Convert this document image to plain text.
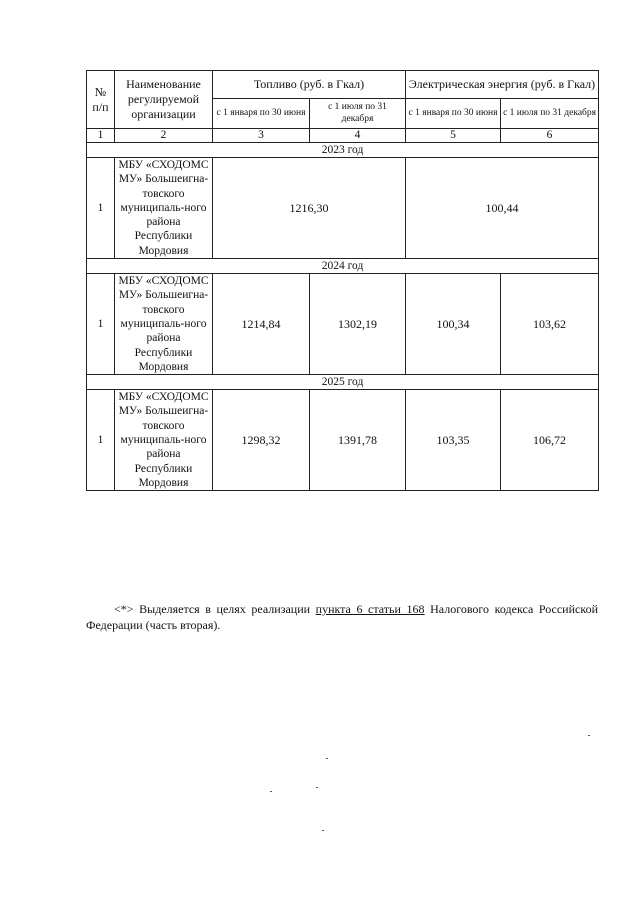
№ п/п	Наименование регулируемой организации	Топливо (руб. в Гкал)		Электрическая энергия (руб. в Гкал)	
		с 1 января по 30 июня	с 1 июля по 31 декабря	с 1 января по 30 июня	с 1 июля по 31 декабря
1	2	3	4	5	6
2023 год					
1	МБУ «СХОДОМС МУ» Большеигна-товского муниципаль-ного района Республики Мордовия	1216,30		100,44	
2024 год					
1	МБУ «СХОДОМС МУ» Большеигна-товского муниципаль-ного района Республики Мордовия	1214,84	1302,19	100,34	103,62
2025 год					
1	МБУ «СХОДОМС МУ» Большеигна-товского муниципаль-ного района Республики Мордовия	1298,32	1391,78	103,35	106,72

<*> Выделяется в целях реализации пункта 6 статьи 168 Налогового кодекса Российской Федерации (часть вторая).
